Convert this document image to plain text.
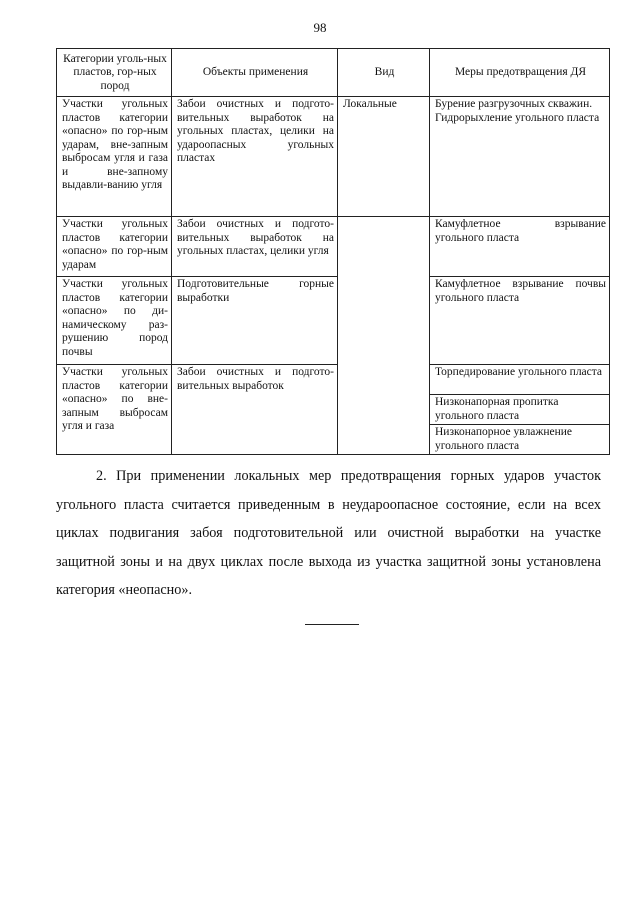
98
Категории уголь-ных пластов, гор-ных пород	Объекты применения	Вид	Меры предотвращения ДЯ
Участки угольных пластов категории «опасно» по гор-ным ударам, вне-запным выбросам угля и газа и вне-запному выдавли-ванию угля	Забои очистных и подгото-вительных выработок на угольных пластах, целики на удароопасных угольных пластах	Локальные	Бурение разгрузочных скважин.
Гидрорыхление угольного пласта

Участки угольных пластов категории «опасно» по гор-ным ударам	Забои очистных и подгото-вительных выработок на угольных пластах, целики угля		Камуфлетное взрывание угольного пласта

Участки угольных пластов категории «опасно» по ди-намическому раз-рушению пород почвы	Подготовительные горные выработки		Камуфлетное взрывание почвы угольного пласта

Участки угольных пластов категории «опасно» по вне-запным выбросам угля и газа	Забои очистных и подгото-вительных выработок		Торпедирование угольного пласта
Низконапорная пропитка угольного пласта
Низконапорное увлажнение угольного пласта

2. При применении локальных мер предотвращения горных ударов участок угольного пласта считается приведенным в неудароопасное состояние, если на всех циклах подвигания забоя подготовительной или очистной выработки на участке защитной зоны и на двух циклах после выхода из участка защитной зоны установлена категория «неопасно».
